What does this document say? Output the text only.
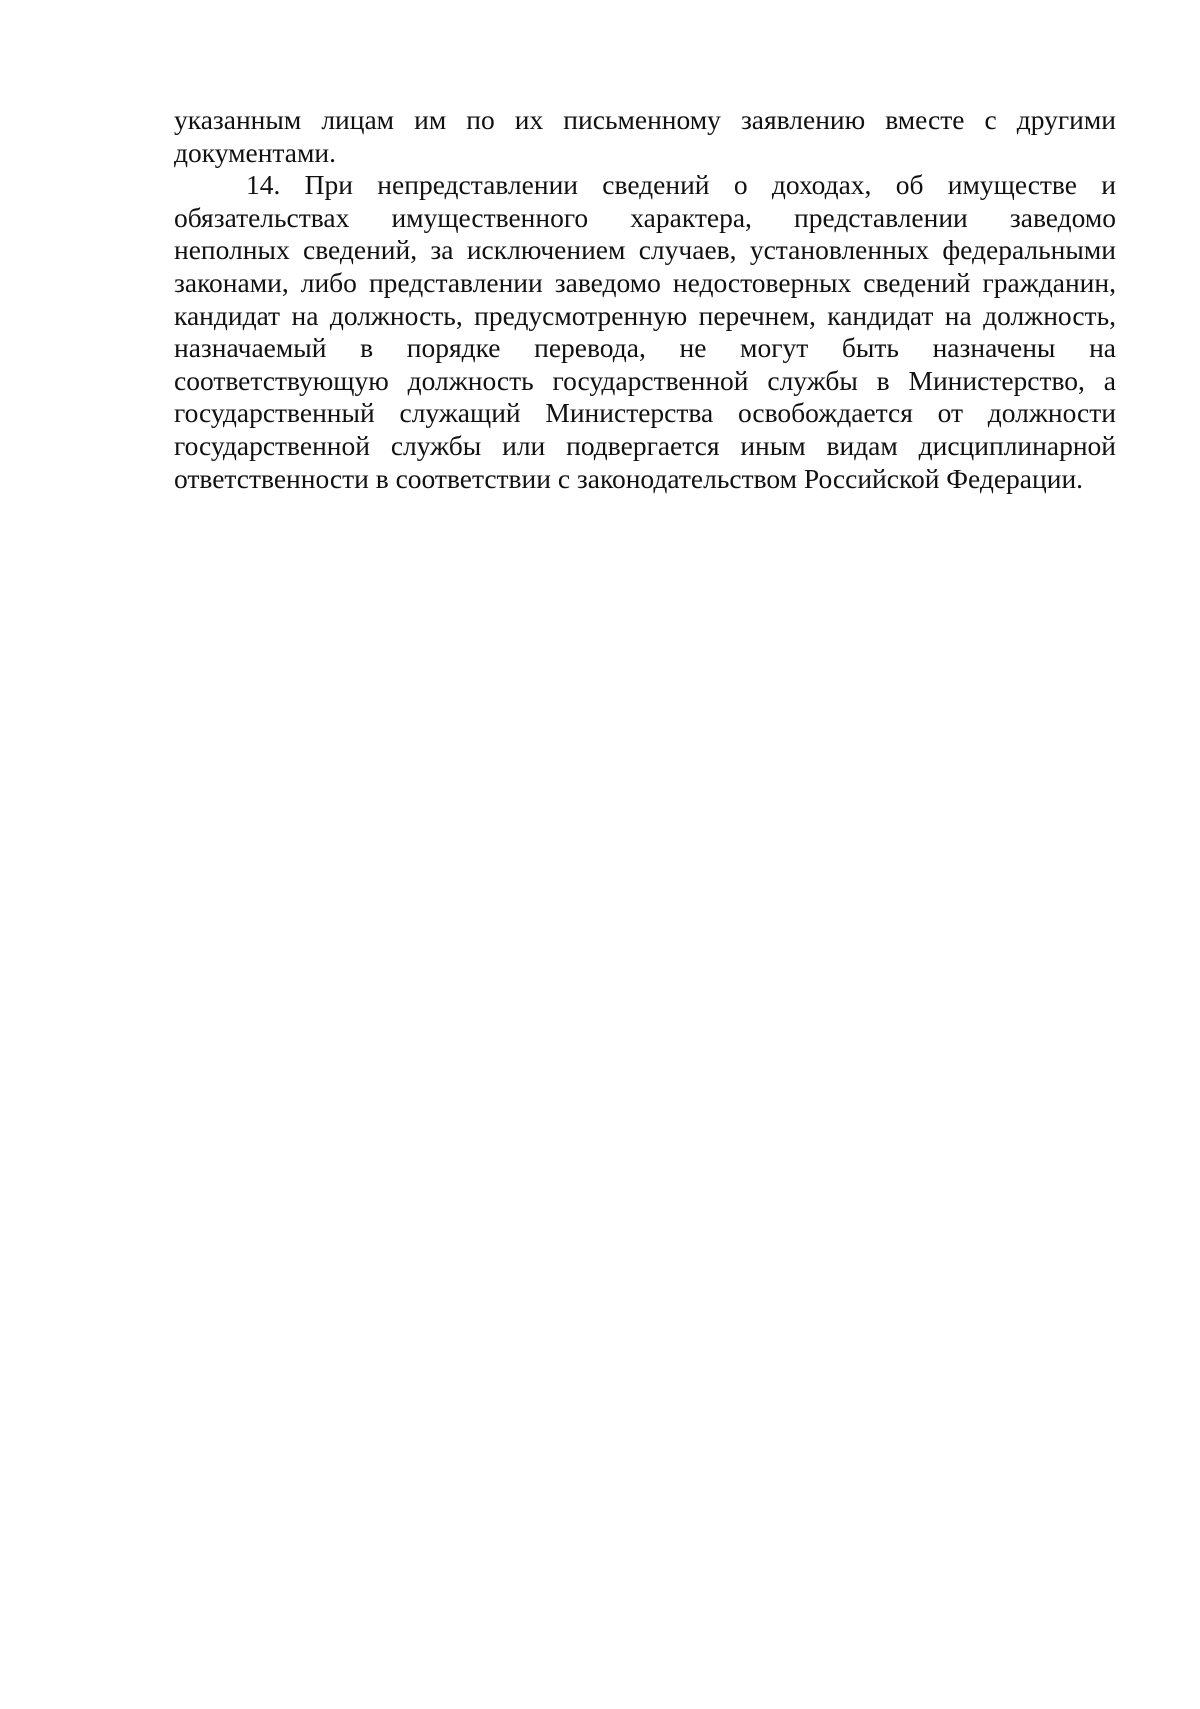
указанным лицам им по их письменному заявлению вместе с другими
документами.
14. При непредставлении сведений о доходах, об имуществе и
обязательствах имущественного характера, представлении заведомо
неполных сведений, за исключением случаев, установленных федеральными
законами, либо представлении заведомо недостоверных сведений гражданин,
кандидат на должность, предусмотренную перечнем, кандидат на должность,
назначаемый в порядке перевода, не могут быть назначены на
соответствующую должность государственной службы в Министерство, а
государственный служащий Министерства освобождается от должности
государственной службы или подвергается иным видам дисциплинарной
ответственности в соответствии с законодательством Российской Федерации.
